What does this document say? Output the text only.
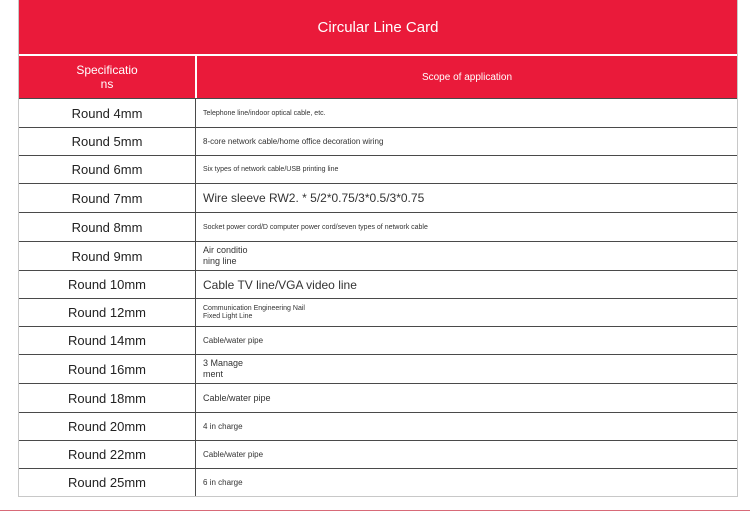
Circular Line Card
Specifications	Scope of application
Round 4mm	Telephone line/indoor optical cable, etc.
Round 5mm	8-core network cable/home office decoration wiring
Round 6mm	Six types of network cable/USB printing line
Round 7mm	Wire sleeve RW2. * 5/2*0.75/3*0.5/3*0.75
Round 8mm	Socket power cord/D computer power cord/seven types of network cable
Round 9mm	Air conditio
ning line
Round 10mm	Cable TV line/VGA video line
Round 12mm	Communication Engineering Nail
Fixed Light Line
Round 14mm	Cable/water pipe
Round 16mm	3 Manage
ment
Round 18mm	Cable/water pipe
Round 20mm	4 in charge
Round 22mm	Cable/water pipe
Round 25mm	6 in charge
